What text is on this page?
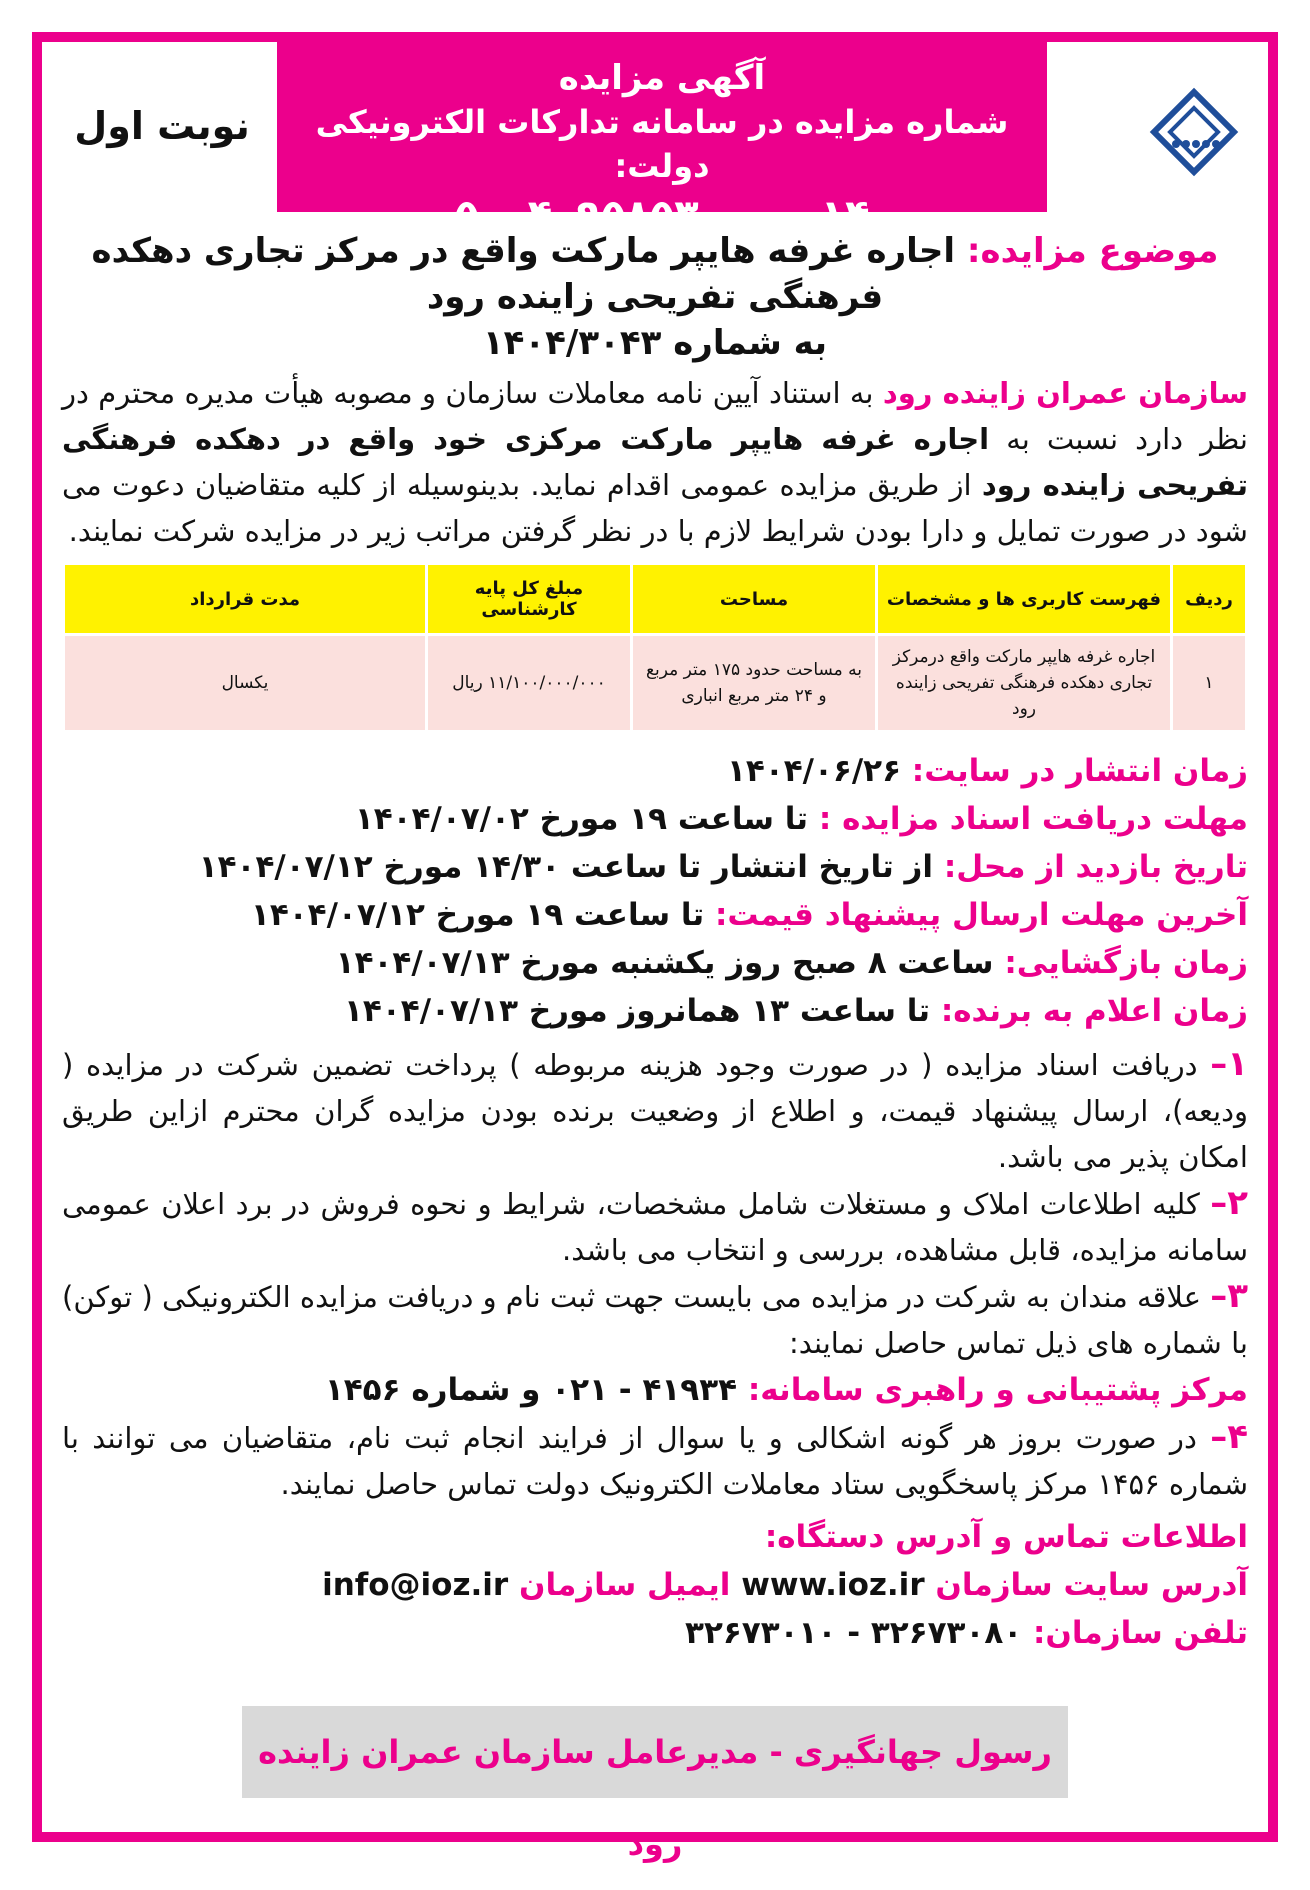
نوبت اول
آگهی مزایده
شماره مزایده در سامانه تدارکات الکترونیکی دولت:
۵۰۰۴۰۹۵۸۵۳۰۰۰۰۰۱۴
موضوع مزایده: اجاره غرفه هایپر مارکت واقع در مرکز تجاری دهکده فرهنگی تفریحی زاینده رود
به شماره ۱۴۰۴/۳۰۴۳
سازمان عمران زاینده رود به استناد آیین نامه معاملات سازمان و مصوبه هیأت مدیره محترم در نظر دارد نسبت به اجاره غرفه هایپر مارکت مرکزی خود واقع در دهکده فرهنگی تفریحی زاینده رود از طریق مزایده عمومی اقدام نماید. بدینوسیله از کلیه متقاضیان دعوت می شود در صورت تمایل و دارا بودن شرایط لازم با در نظر گرفتن مراتب زیر در مزایده شرکت نمایند.
ردیف	فهرست کاربری ها و مشخصات	مساحت	مبلغ کل پایه کارشناسی	مدت قرارداد
۱	اجاره غرفه هایپر مارکت واقع درمرکز تجاری دهکده فرهنگی تفریحی زاینده رود	به مساحت حدود ۱۷۵ متر مربع و ۲۴ متر مربع انباری	۱۱/۱۰۰/۰۰۰/۰۰۰ ریال	یکسال
زمان انتشار در سایت: ۱۴۰۴/۰۶/۲۶
مهلت دریافت اسناد مزایده : تا ساعت ۱۹ مورخ ۱۴۰۴/۰۷/۰۲
تاریخ بازدید از محل: از تاریخ انتشار تا ساعت ۱۴/۳۰ مورخ ۱۴۰۴/۰۷/۱۲
آخرین مهلت ارسال پیشنهاد قیمت: تا ساعت ۱۹ مورخ ۱۴۰۴/۰۷/۱۲
زمان بازگشایی: ساعت ۸ صبح روز یکشنبه مورخ ۱۴۰۴/۰۷/۱۳
زمان اعلام به برنده: تا ساعت ۱۳ همانروز مورخ ۱۴۰۴/۰۷/۱۳
۱– دریافت اسناد مزایده ( در صورت وجود هزینه مربوطه ) پرداخت تضمین شرکت در مزایده ( ودیعه)، ارسال پیشنهاد قیمت، و اطلاع از وضعیت برنده بودن مزایده گران محترم ازاین طریق امکان پذیر می باشد.
۲– کلیه اطلاعات املاک و مستغلات شامل مشخصات، شرایط و نحوه فروش در برد اعلان عمومی سامانه مزایده، قابل مشاهده، بررسی و انتخاب می باشد.
۳– علاقه مندان به شرکت در مزایده می بایست جهت ثبت نام و دریافت مزایده الکترونیکی ( توکن) با شماره های ذیل تماس حاصل نمایند:
مرکز پشتیبانی و راهبری سامانه: ۴۱۹۳۴ - ۰۲۱ و شماره ۱۴۵۶
۴– در صورت بروز هر گونه اشکالی و یا سوال از فرایند انجام ثبت نام، متقاضیان می توانند با شماره ۱۴۵۶ مرکز پاسخگویی ستاد معاملات الکترونیک دولت تماس حاصل نمایند.
اطلاعات تماس و آدرس دستگاه:
آدرس سایت سازمان www.ioz.ir ایمیل سازمان info@ioz.ir
تلفن سازمان: ۳۲۶۷۳۰۸۰ - ۳۲۶۷۳۰۱۰
رسول جهانگیری - مدیرعامل سازمان عمران زاینده رود
